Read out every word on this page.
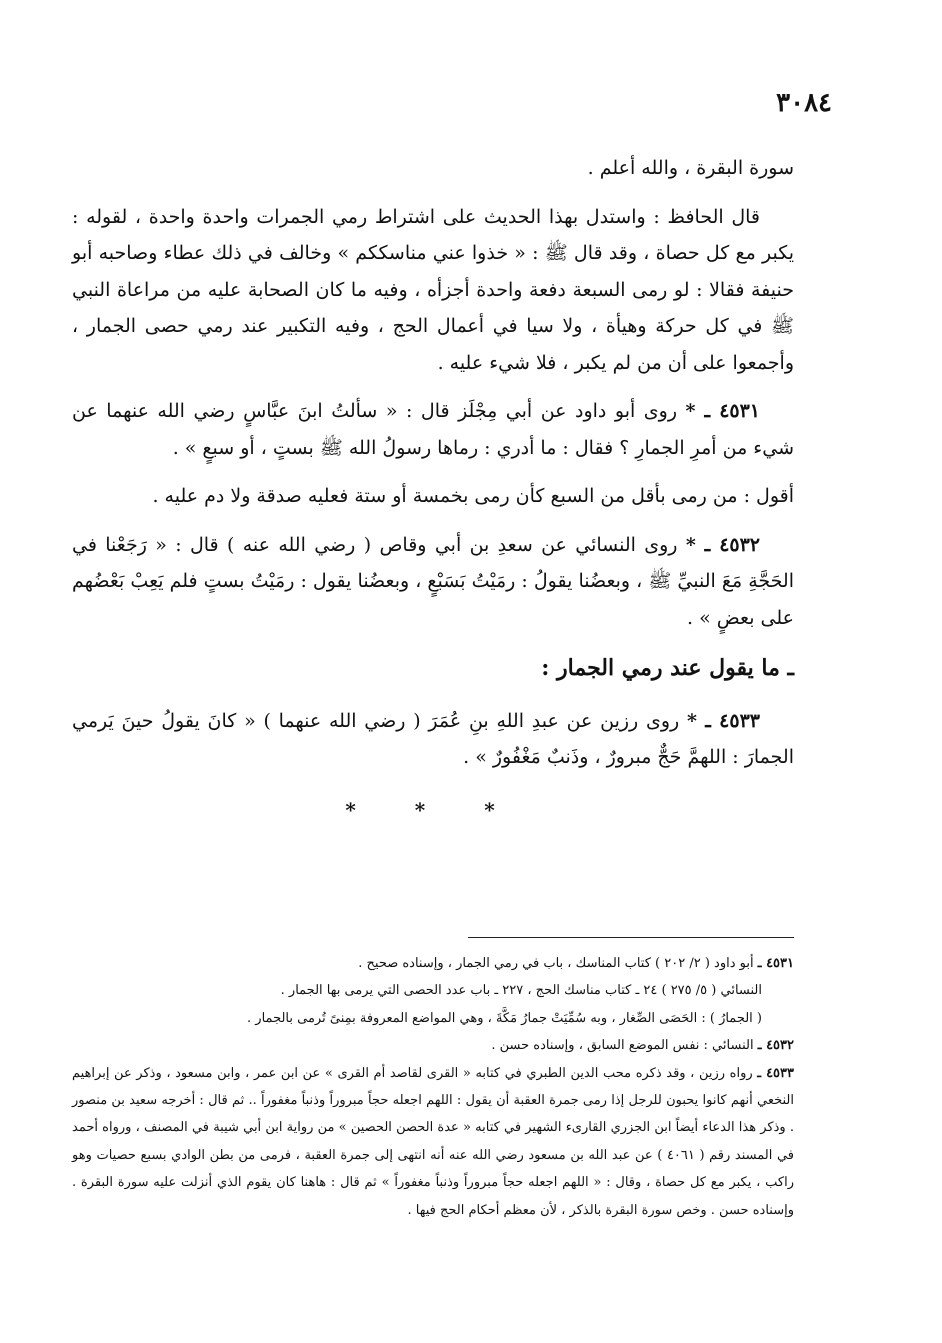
٣٠٨٤

سورة البقرة ، والله أعلم .

قال الحافظ : واستدل بهذا الحديث على اشتراط رمي الجمرات واحدة واحدة ، لقوله : يكبر مع كل حصاة ، وقد قال ﷺ : « خذوا عني مناسككم » وخالف في ذلك عطاء وصاحبه أبو حنيفة فقالا : لو رمى السبعة دفعة واحدة أجزأه ، وفيه ما كان الصحابة عليه من مراعاة النبي ﷺ في كل حركة وهيأة ، ولا سيا في أعمال الحج ، وفيه التكبير عند رمي حصى الجمار ، وأجمعوا على أن من لم يكبر ، فلا شيء عليه .

٤٥٣١ ـ * روى أبو داود عن أبي مِجْلَز قال : « سألتُ ابنَ عبَّاسٍ رضي الله عنهما عن شيء من أمرِ الجمارِ ؟ فقال : ما أدري : رماها رسولُ الله ﷺ بستٍ ، أو سبعٍ » .

أقول : من رمى بأقل من السبع كأن رمى بخمسة أو ستة فعليه صدقة ولا دم عليه .

٤٥٣٢ ـ * روى النسائي عن سعدِ بن أبي وقاص ( رضي الله عنه ) قال : « رَجَعْنا في الحَجَّةِ مَعَ النبيِّ ﷺ ، وبعضُنا يقولُ : رمَيْتُ بَسَبْعٍ ، وبعضُنا يقول : رمَيْتُ بستٍ فلم يَعِبْ بَعْضُهم على بعضٍ » .

ـ ما يقول عند رمي الجمار :

٤٥٣٣ ـ * روى رزين عن عبدِ اللهِ بنِ عُمَرَ ( رضي الله عنهما ) « كانَ يقولُ حينَ يَرمي الجمارَ : اللهمَّ حَجٌّ مبرورٌ ، وذَنبٌ مَغْفُورٌ » .

* * *

٤٥٣١ ـ أبو داود ( ٢/ ٢٠٢ ) كتاب المناسك ، باب في رمي الجمار ، وإسناده صحيح .

النسائي ( ٥/ ٢٧٥ ) ٢٤ ـ كتاب مناسك الحج ، ٢٢٧ ـ باب عدد الحصى التي يرمى بها الجمار .

( الجمارُ ) : الحَصَى الصِّغار ، وبه سُمِّيَتْ جمارُ مَكَّةَ ، وهي المواضع المعروفة بمِنىً تُرمى بالجمار .

٤٥٣٢ ـ النسائي : نفس الموضع السابق ، وإسناده حسن .

٤٥٣٣ ـ رواه رزين ، وقد ذكره محب الدين الطبري في كتابه « القرى لقاصد أم القرى » عن ابن عمر ، وابن مسعود ، وذكر عن إبراهيم النخعي أنهم كانوا يحبون للرجل إذا رمى جمرة العقبة أن يقول : اللهم اجعله حجاً مبروراً وذنباً مغفوراً .. ثم قال : أخرجه سعيد بن منصور . وذكر هذا الدعاء أيضاً ابن الجزري القارىء الشهير في كتابه « عدة الحصن الحصين » من رواية ابن أبي شيبة في المصنف ، ورواه أحمد في المسند رقم ( ٤٠٦١ ) عن عبد الله بن مسعود رضي الله عنه أنه انتهى إلى جمرة العقبة ، فرمى من بطن الوادي بسبع حصيات وهو راكب ، يكبر مع كل حصاة ، وقال : « اللهم اجعله حجاً مبروراً وذنباً مغفوراً » ثم قال : هاهنا كان يقوم الذي أنزلت عليه سورة البقرة . وإسناده حسن . وخص سورة البقرة بالذكر ، لأن معظم أحكام الحج فيها .
